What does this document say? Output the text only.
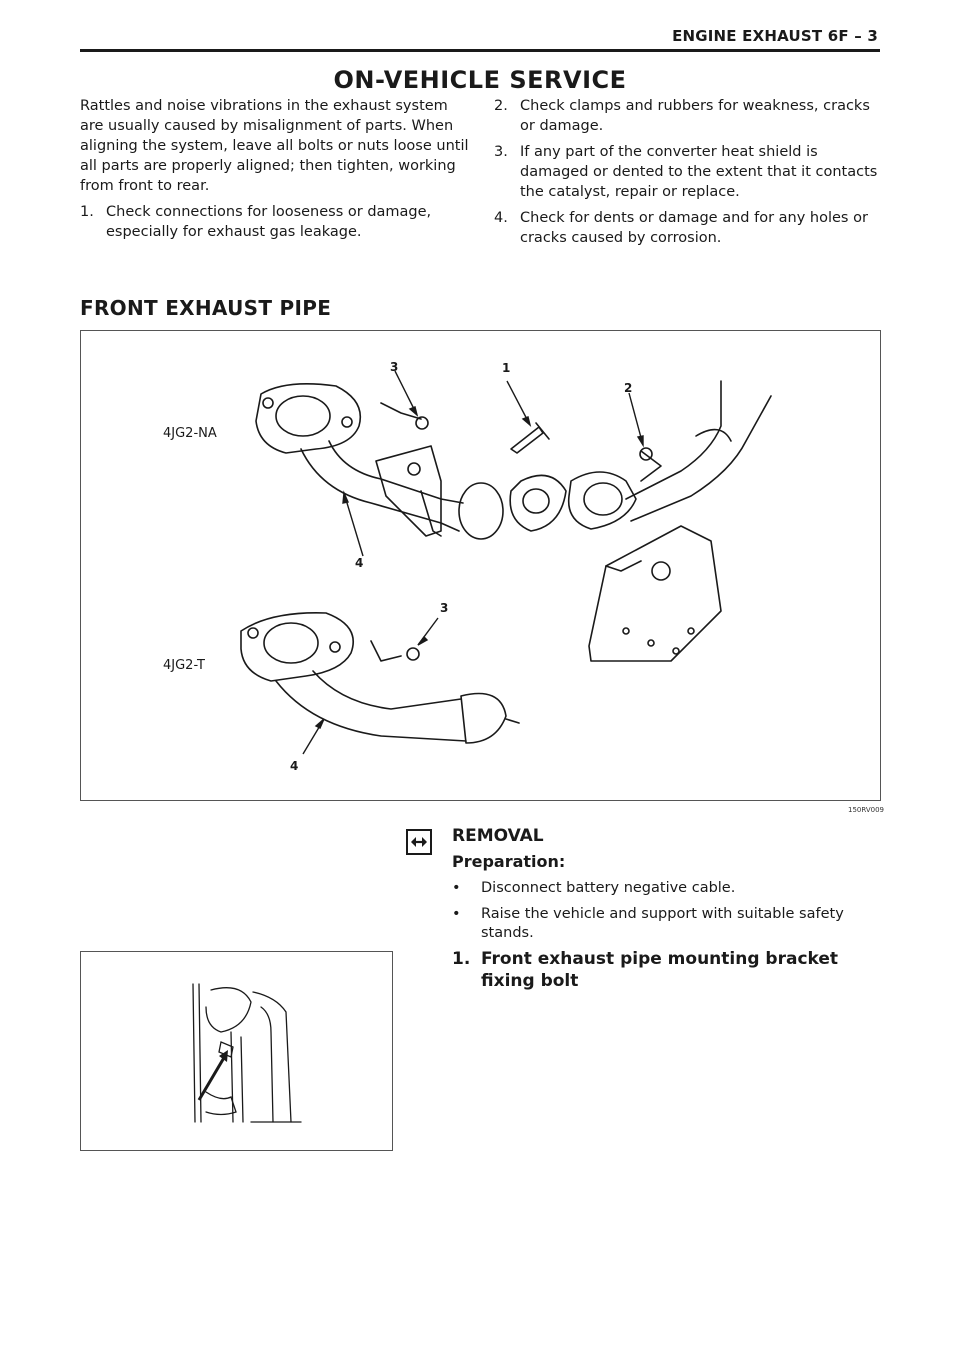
ENGINE EXHAUST 6F – 3
ON-VEHICLE SERVICE

Rattles and noise vibrations in the exhaust system are usually caused by misalignment of parts. When aligning the system, leave all bolts or nuts loose until all parts are properly aligned; then tighten, working from front to rear.

1. Check connections for looseness or damage, especially for exhaust gas leakage.
2. Check clamps and rubbers for weakness, cracks or damage.
3. If any part of the converter heat shield is damaged or dented to the extent that it contacts the catalyst, repair or replace.
4. Check for dents or damage and for any holes or cracks caused by corrosion.
FRONT EXHAUST PIPE
4JG2-NA
4JG2-T
3	1
2
4
3
4
150RV009
REMOVAL
Preparation:
•	Disconnect battery negative cable.
•	Raise the vehicle and support with suitable safety stands.
1. Front exhaust pipe mounting bracket fixing bolt
